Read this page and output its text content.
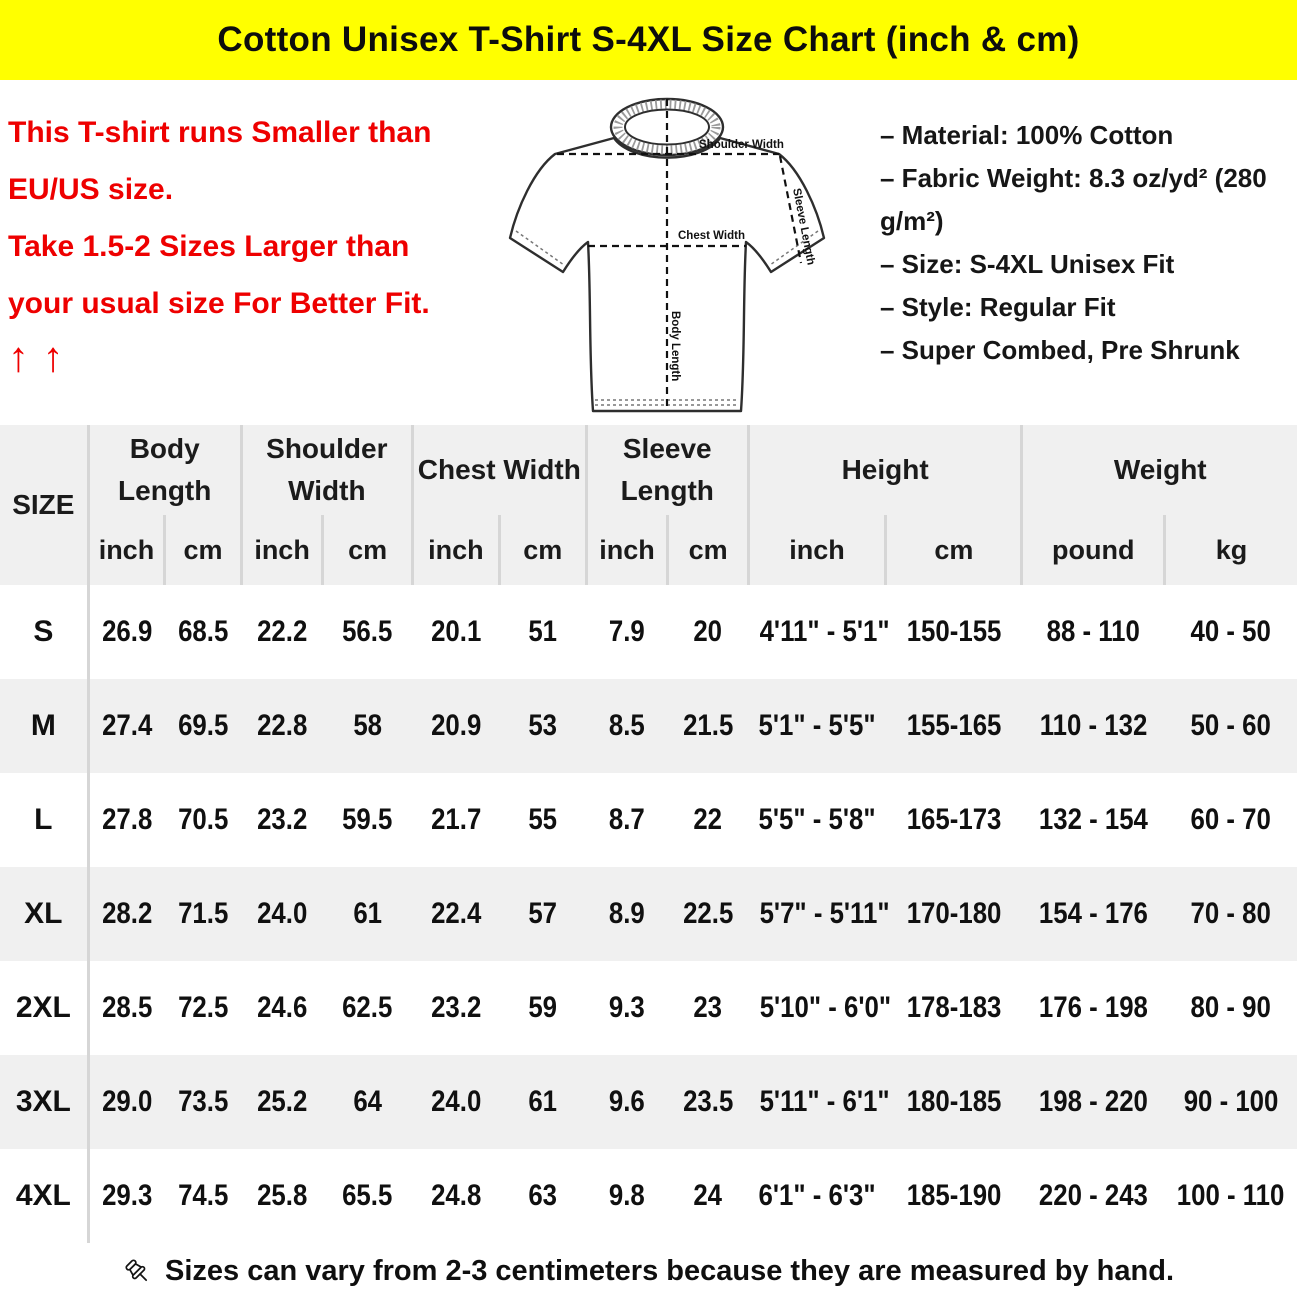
Cotton Unisex T-Shirt S-4XL Size Chart (inch & cm)
This T-shirt runs Smaller than
EU/US size.
Take 1.5-2 Sizes Larger than
your usual size For Better Fit.
↑ ↑
Shoulder Width
Chest Width
Body Length
Sleeve Length
– Material: 100% Cotton
– Fabric Weight: 8.3 oz/yd² (280 g/m²)
– Size: S-4XL Unisex Fit
– Style: Regular Fit
– Super Combed, Pre Shrunk
SIZE	Body Length		Shoulder Width		Chest Width		Sleeve Length		Height		Weight	
	inch	cm	inch	cm	inch	cm	inch	cm	inch	cm	pound	kg
S	26.9	68.5	22.2	56.5	20.1	51	7.9	20	4'11" - 5'1"	150-155	88 - 110	40 - 50
M	27.4	69.5	22.8	58	20.9	53	8.5	21.5	5'1" - 5'5"	155-165	110 - 132	50 - 60
L	27.8	70.5	23.2	59.5	21.7	55	8.7	22	5'5" - 5'8"	165-173	132 - 154	60 - 70
XL	28.2	71.5	24.0	61	22.4	57	8.9	22.5	5'7" - 5'11"	170-180	154 - 176	70 - 80
2XL	28.5	72.5	24.6	62.5	23.2	59	9.3	23	5'10" - 6'0"	178-183	176 - 198	80 - 90
3XL	29.0	73.5	25.2	64	24.0	61	9.6	23.5	5'11" - 6'1"	180-185	198 - 220	90 - 100
4XL	29.3	74.5	25.8	65.5	24.8	63	9.8	24	6'1" - 6'3"	185-190	220 - 243	100 - 110
Sizes can vary from 2-3 centimeters because they are measured by hand.
